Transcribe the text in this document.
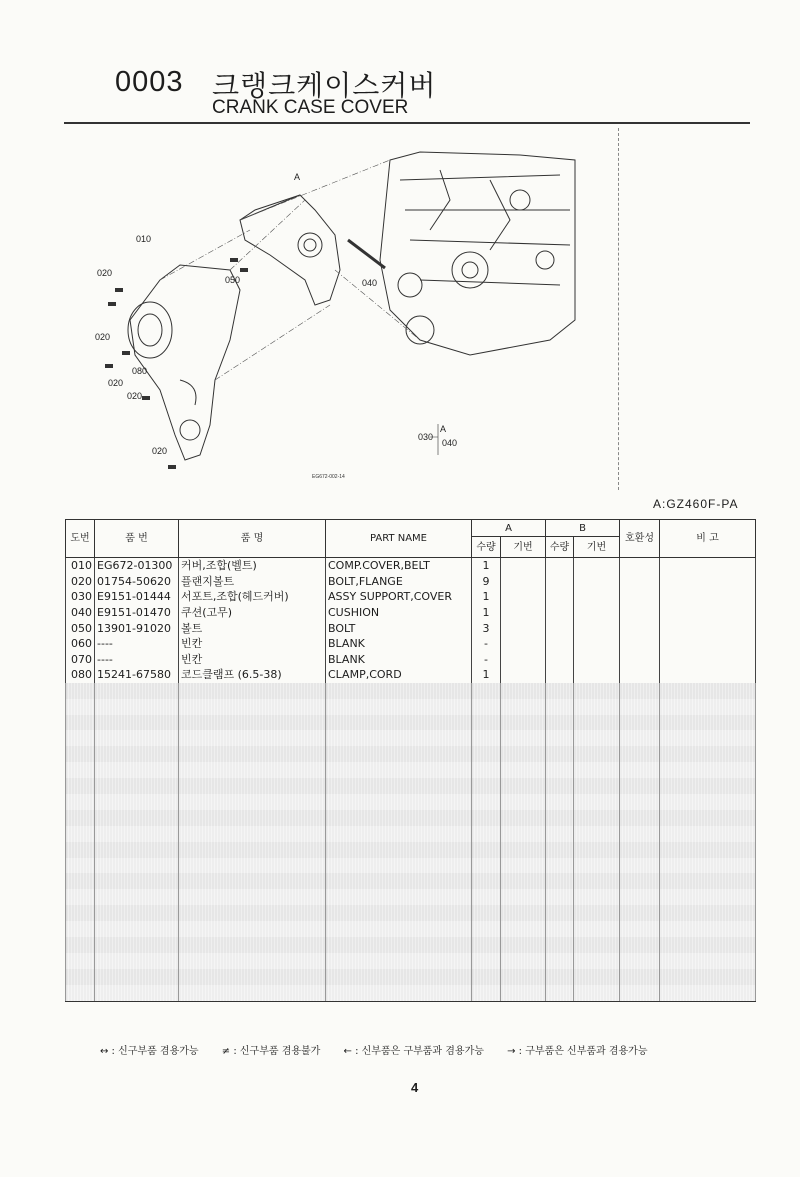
0003 크랭크케이스커버
CRANK CASE COVER
A
010
020
020
050	040
020
080
020
020
030
A
040
EG672-002-14
A:GZ460F-PA
도번	품 번	품 명	PART NAME	A		B		호환성	비 고
				수량	기번	수량	기번		
010	EG672-01300	커버,조합(벨트)	COMP.COVER,BELT	1					
020	01754-50620	플랜지볼트	BOLT,FLANGE	9					
030	E9151-01444	서포트,조합(헤드커버)	ASSY SUPPORT,COVER	1					
040	E9151-01470	쿠션(고무)	CUSHION	1					
050	13901-91020	볼트	BOLT	3					
060	----	빈칸	BLANK	-					
070	----	빈칸	BLANK	-					
080	15241-67580	코드클램프 (6.5-38)	CLAMP,CORD	1					

↔ : 신구부품 겸용가능 ≠ : 신구부품 겸용불가 ← : 신부품은 구부품과 겸용가능 → : 구부품은 신부품과 겸용가능
4
